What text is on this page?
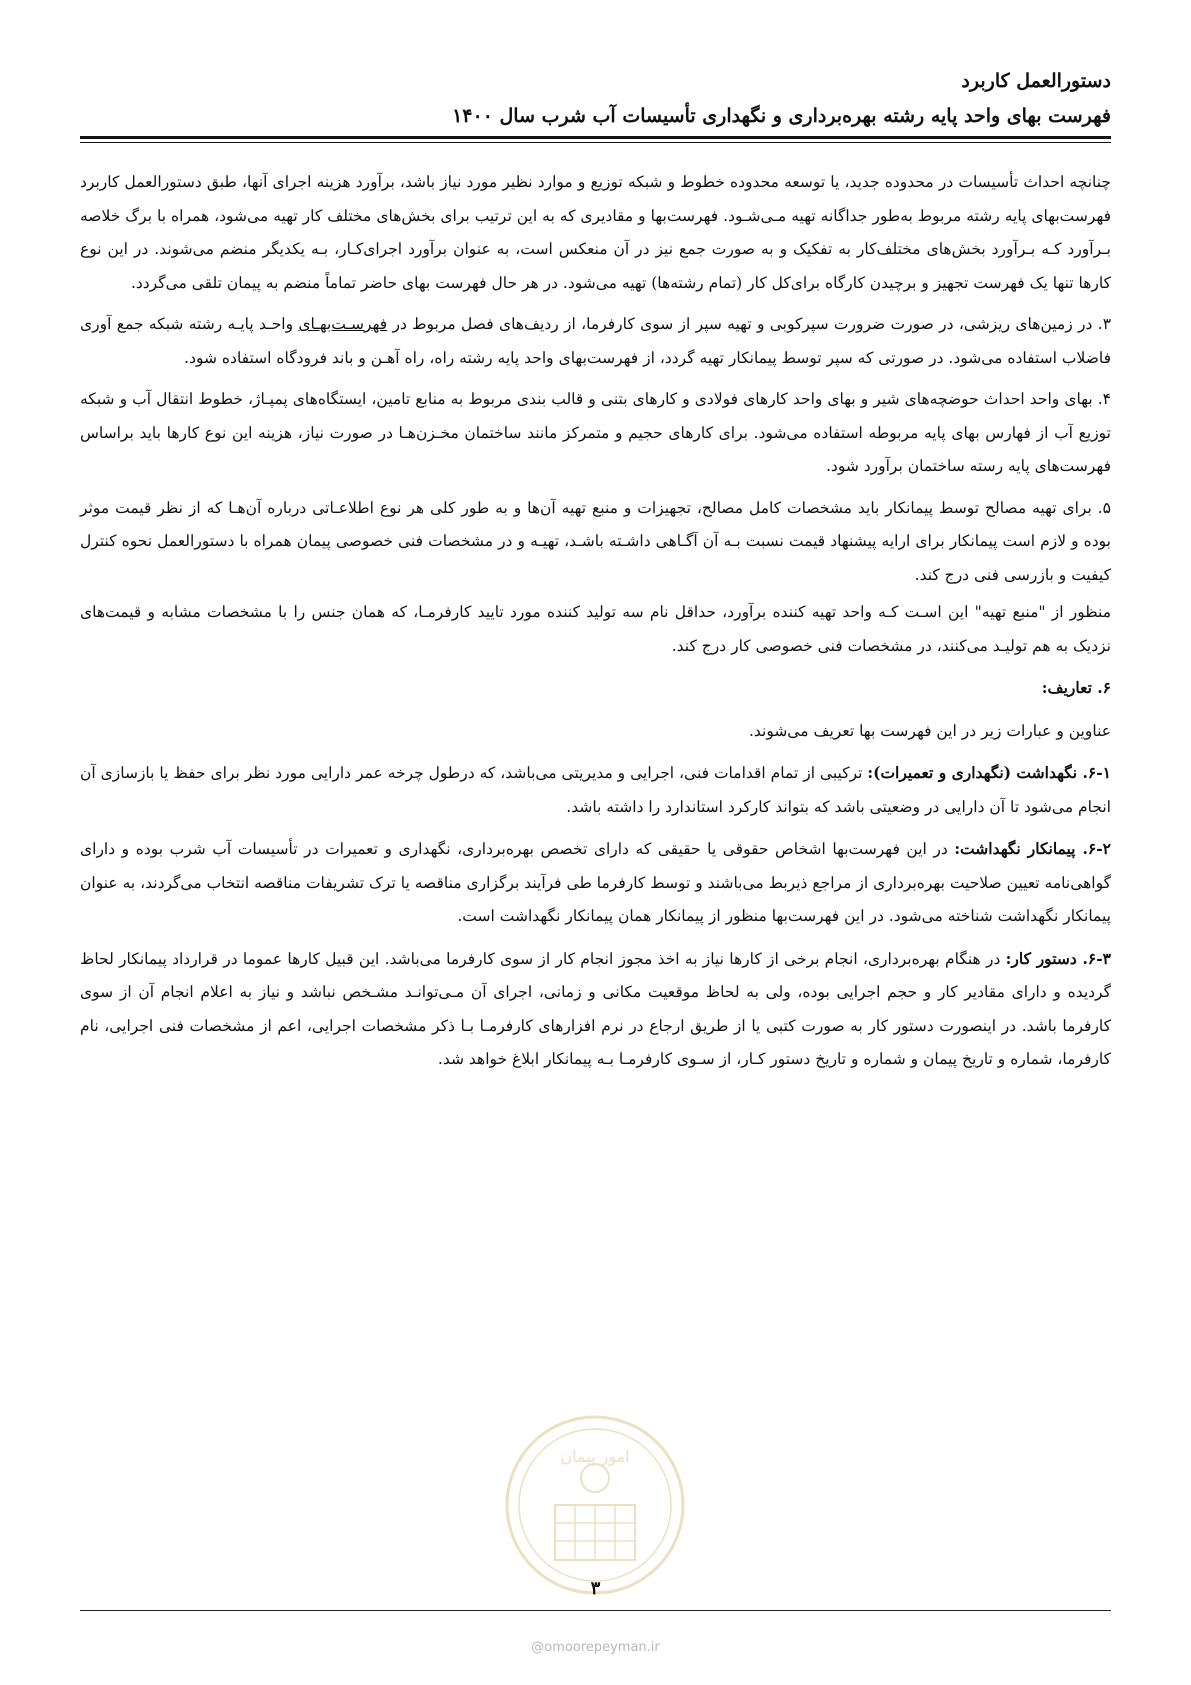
دستورالعمل کاربرد
فهرست بهای واحد پایه رشته بهره‌برداری و نگهداری تأسیسات آب شرب سال ۱۴۰۰

چنانچه احداث تأسیسات در محدوده جدید، یا توسعه محدوده خطوط و شبکه توزیع و موارد نظیر مورد نیاز باشد، برآورد هزینه اجرای آنها، طبق دستورالعمل کاربرد فهرست‌بهای پایه رشته مربوط به‌طور جداگانه تهیه مـی‌شـود. فهرست‌بها و مقادیری که به این ترتیب برای بخش‌های مختلف کار تهیه می‌شود، همراه با برگ خلاصه بـرآورد کـه بـرآورد بخش‌های مختلف‌کار به تفکیک و به صورت جمع نیز در آن منعکس است، به عنوان برآورد اجرای‌کـار، بـه یکدیگر منضم می‌شوند. در این نوع کارها تنها یک فهرست تجهیز و برچیدن کارگاه برای‌کل کار (تمام رشته‌ها) تهیه می‌شود. در هر حال فهرست بهای حاضر تماماً منضم به پیمان تلقی می‌گردد.

۳. در زمین‌های ریزشی، در صورت ضرورت سپرکوبی و تهیه سپر از سوی کارفرما، از ردیف‌های فصل مربوط در فهرسـت‌بهـای واحـد پایـه رشته شبکه جمع آوری فاضلاب استفاده می‌شود. در صورتی که سپر توسط پیمانکار تهیه گردد، از فهرست‌بهای واحد پایه رشته راه، راه آهـن و باند فرودگاه استفاده شود.

۴. بهای واحد احداث حوضچه‌های شیر و بهای واحد کارهای فولادی و کارهای بتنی و قالب بندی مربوط به منابع تامین، ایستگاه‌های پمپـاژ، خطوط انتقال آب و شبکه توزیع آب از فهارس بهای پایه مربوطه استفاده می‌شود. برای کارهای حجیم و متمرکز مانند ساختمان مخـزن‌هـا در صورت نیاز، هزینه این نوع کارها باید براساس فهرست‌های پایه رسته ساختمان برآورد شود.

۵. برای تهیه مصالح توسط پیمانکار باید مشخصات کامل مصالح، تجهیزات و منبع تهیه آن‌ها و به طور کلی هر نوع اطلاعـاتی درباره آن‌هـا که از نظر قیمت موثر بوده و لازم است پیمانکار برای ارایه پیشنهاد قیمت نسبت بـه آن آگـاهی داشـته باشـد، تهیـه و در مشخصات فنی خصوصی پیمان همراه با دستورالعمل نحوه کنترل کیفیت و بازرسی فنی درج کند.

منظور از "منبع تهیه" این اسـت کـه واحد تهیه کننده برآورد، حداقل نام سه تولید کننده مورد تایید کارفرمـا، که همان جنس را با مشخصات مشابه و قیمت‌های نزدیک به هم تولیـد می‌کنند، در مشخصات فنی خصوصی کار درج کند.

۶. تعاریف:

عناوین و عبارات زیر در این فهرست بها تعریف می‌شوند.

۶-۱. نگهداشت (نگهداری و تعمیرات): ترکیبی از تمام اقدامات فنی، اجرایی و مدیریتی می‌باشد، که درطول چرخه عمر دارایی مورد نظر برای حفظ یا بازسازی آن انجام می‌شود تا آن دارایی در وضعیتی باشد که بتواند کارکرد استاندارد را داشته باشد.

۶-۲. پیمانکار نگهداشت: در این فهرست‌بها اشخاص حقوقی یا حقیقی که دارای تخصص بهره‌برداری، نگهداری و تعمیرات در تأسیسات آب شرب بوده و دارای گواهی‌نامه تعیین صلاحیت بهره‌برداری از مراجع ذیربط می‌باشند و توسط کارفرما طی فرآیند برگزاری مناقصه یا ترک تشریفات مناقصه انتخاب می‌گردند، به عنوان پیمانکار نگهداشت شناخته می‌شود. در این فهرست‌بها منظور از پیمانکار همان پیمانکار نگهداشت است.

۶-۳. دستور کار: در هنگام بهره‌برداری، انجام برخی از کارها نیاز به اخذ مجوز انجام کار از سوی کارفرما می‌باشد. این قبیل کارها عموما در قرارداد پیمانکار لحاظ گردیده و دارای مقادیر کار و حجم اجرایی بوده، ولی به لحاظ موقعیت مکانی و زمانی، اجرای آن مـی‌توانـد مشـخص نباشد و نیاز به اعلام انجام آن از سوی کارفرما باشد. در اینصورت دستور کار به صورت کتبی یا از طریق ارجاع در نرم افزارهای کارفرمـا بـا ذکر مشخصات اجرایی، اعم از مشخصات فنی اجرایی، نام کارفرما، شماره و تاریخ پیمان و شماره و تاریخ دستور کـار، از سـوی کارفرمـا بـه پیمانکار ابلاغ خواهد شد.

امور پیمان
۳
@omoorepeyman.ir
